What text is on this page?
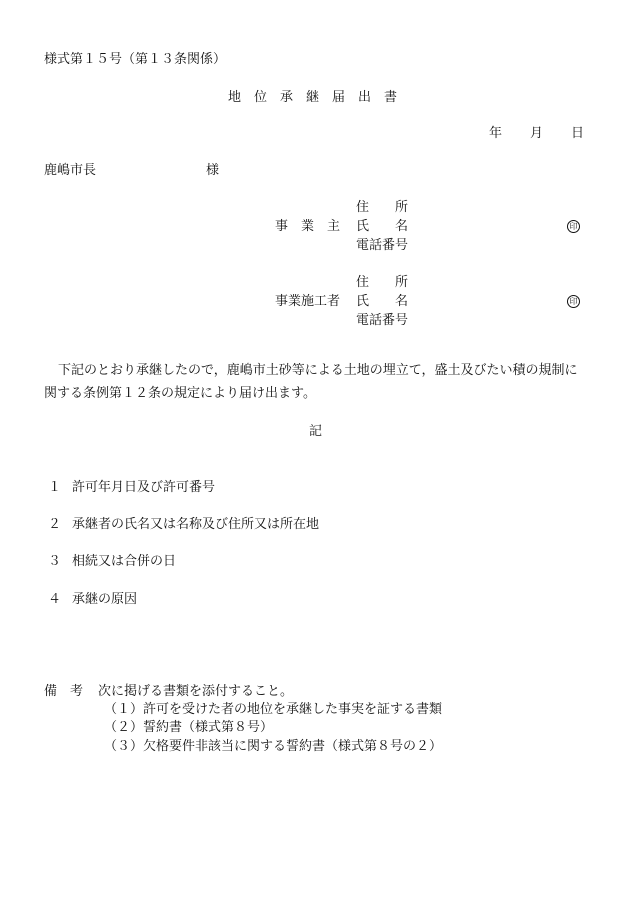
様式第１５号（第１３条関係）

地　位　承　継　届　出　書

年 月 日

鹿嶋市長	様

住　　所

事　業　主 氏　　名	印

電話番号

住　　所

事業施工者 氏　　名	印

電話番号

下記のとおり承継したので，鹿嶋市土砂等による土地の埋立て，盛土及びたい積の規制に関する条例第１２条の規定により届け出ます。

記

１ 許可年月日及び許可番号

２ 承継者の氏名又は名称及び住所又は所在地

３ 相続又は合併の日

４ 承継の原因

備　考 次に掲げる書類を添付すること。

（１）許可を受けた者の地位を承継した事実を証する書類

（２）誓約書（様式第８号）

（３）欠格要件非該当に関する誓約書（様式第８号の２）
